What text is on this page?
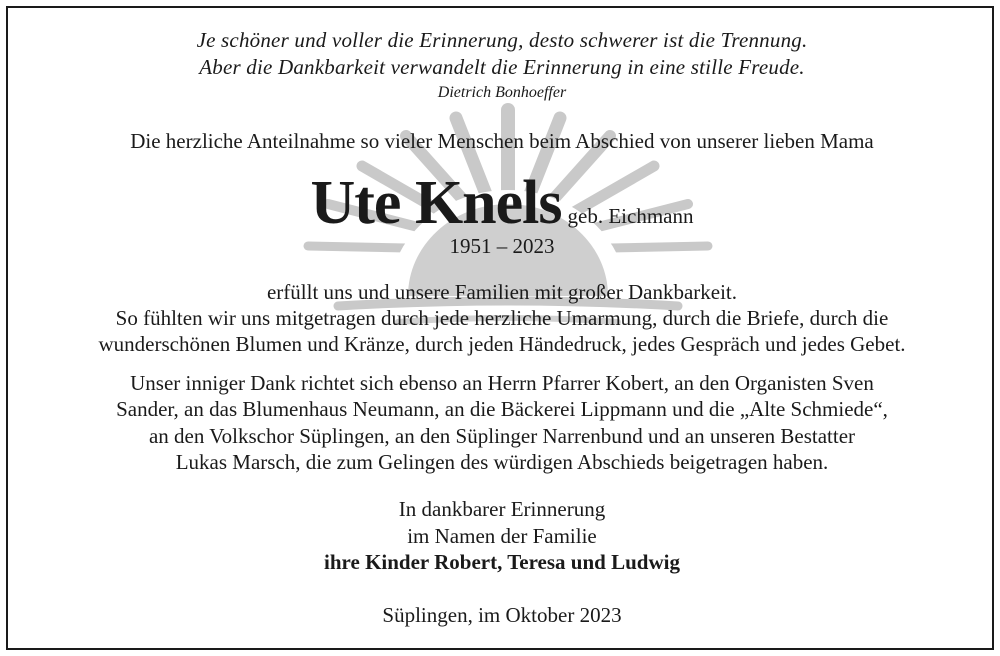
Je schöner und voller die Erinnerung, desto schwerer ist die Trennung.
Aber die Dankbarkeit verwandelt die Erinnerung in eine stille Freude.
Dietrich Bonhoeffer
Die herzliche Anteilnahme so vieler Menschen beim Abschied von unserer lieben Mama
Ute Knels geb. Eichmann
1951 – 2023
erfüllt uns und unsere Familien mit großer Dankbarkeit.
So fühlten wir uns mitgetragen durch jede herzliche Umarmung, durch die Briefe, durch die
wunderschönen Blumen und Kränze, durch jeden Händedruck, jedes Gespräch und jedes Gebet.
Unser inniger Dank richtet sich ebenso an Herrn Pfarrer Kobert, an den Organisten Sven
Sander, an das Blumenhaus Neumann, an die Bäckerei Lippmann und die „Alte Schmiede“,
an den Volkschor Süplingen, an den Süplinger Narrenbund und an unseren Bestatter
Lukas Marsch, die zum Gelingen des würdigen Abschieds beigetragen haben.
In dankbarer Erinnerung
im Namen der Familie
ihre Kinder Robert, Teresa und Ludwig
Süplingen, im Oktober 2023
